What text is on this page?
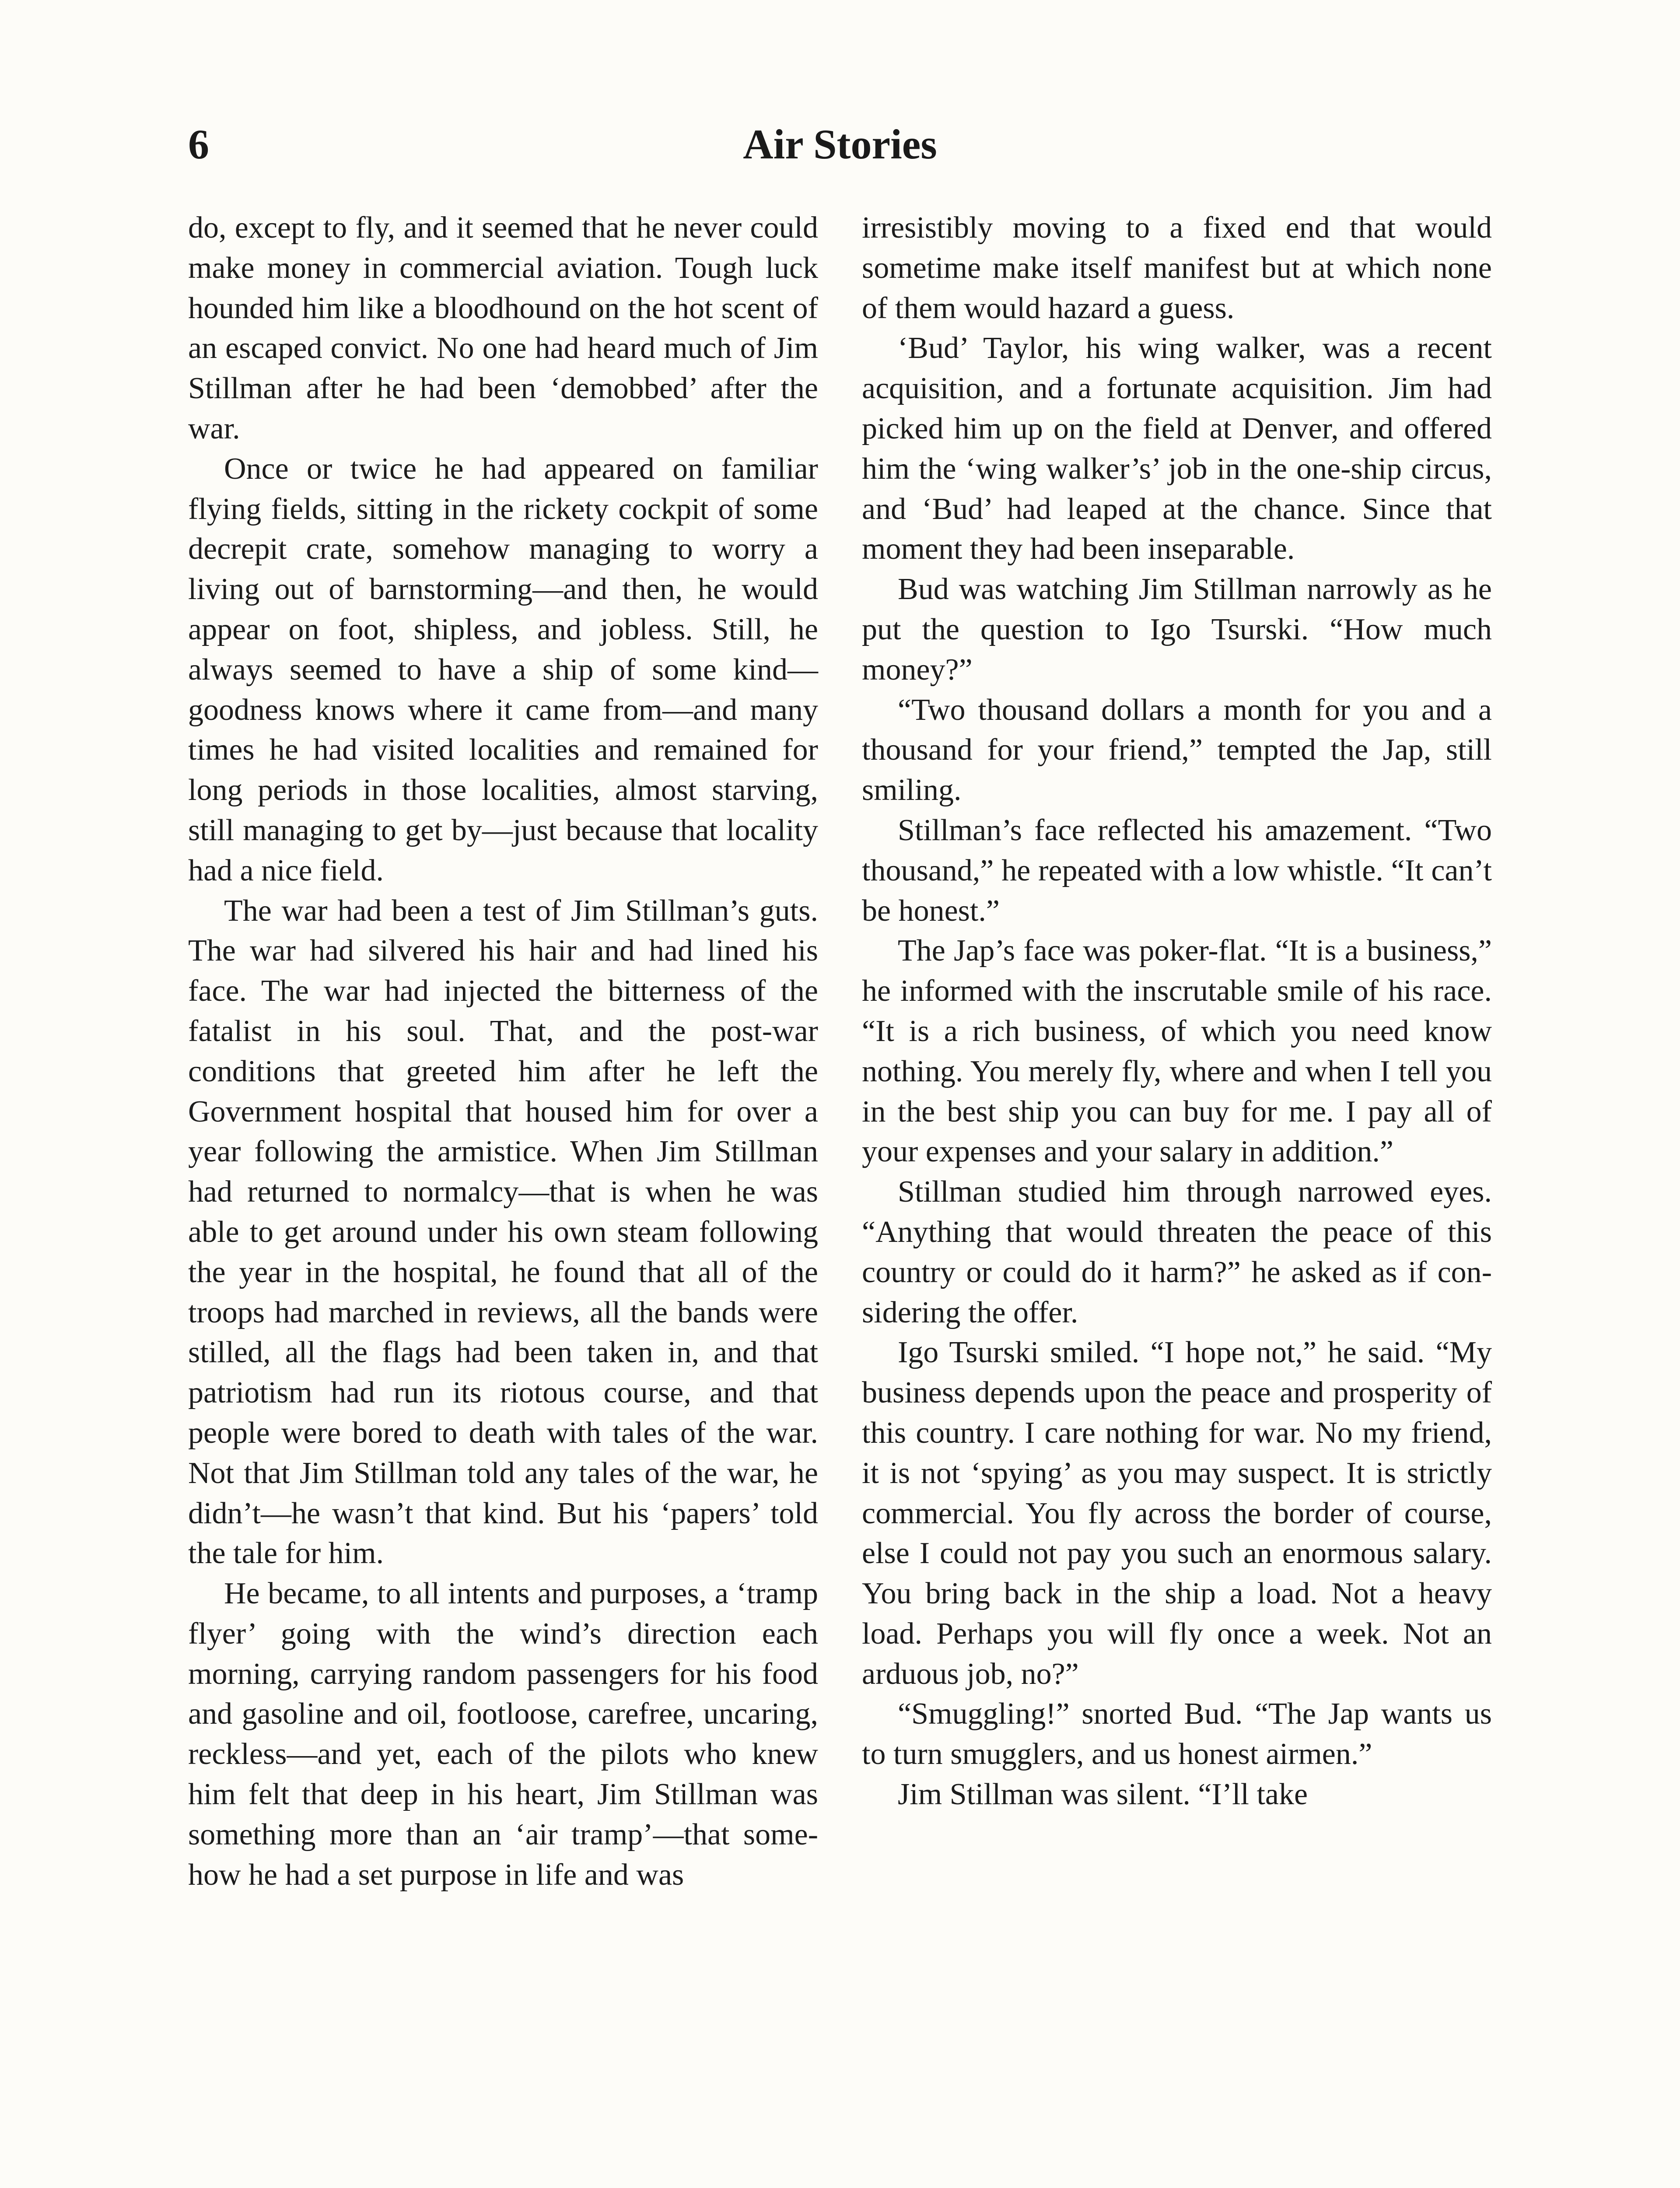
6	Air Stories

do, except to fly, and it seemed that he never could make money in commercial aviation. Tough luck hounded him like a bloodhound on the hot scent of an escaped convict. No one had heard much of Jim Stillman after he had been ‘demobbed’ after the war.

Once or twice he had appeared on familiar flying fields, sitting in the rickety cockpit of some decrepit crate, somehow managing to worry a living out of barnstorming—and then, he would appear on foot, shipless, and jobless. Still, he always seemed to have a ship of some kind—goodness knows where it came from—and many times he had visited localities and remained for long periods in those localities, almost starving, still managing to get by—just because that locality had a nice field.

The war had been a test of Jim Stillman’s guts. The war had silvered his hair and had lined his face. The war had injected the bitterness of the fatalist in his soul. That, and the post-war conditions that greeted him after he left the Government hospital that housed him for over a year following the armistice. When Jim Stillman had returned to normalcy—that is when he was able to get around under his own steam following the year in the hospital, he found that all of the troops had marched in reviews, all the bands were stilled, all the flags had been taken in, and that patriotism had run its riotous course, and that people were bored to death with tales of the war. Not that Jim Stillman told any tales of the war, he didn’t—he wasn’t that kind. But his ‘papers’ told the tale for him.

He became, to all intents and purposes, a ‘tramp flyer’ going with the wind’s direction each morning, carrying random passengers for his food and gasoline and oil, footloose, carefree, uncaring, reckless—and yet, each of the pilots who knew him felt that deep in his heart, Jim Stillman was something more than an ‘air tramp’—that somehow he had a set purpose in life and was

irresistibly moving to a fixed end that would sometime make itself manifest but at which none of them would hazard a guess.

‘Bud’ Taylor, his wing walker, was a recent acquisition, and a fortunate acquisition. Jim had picked him up on the field at Denver, and offered him the ‘wing walker’s’ job in the one-ship circus, and ‘Bud’ had leaped at the chance. Since that moment they had been inseparable.

Bud was watching Jim Stillman narrowly as he put the question to Igo Tsurski. “How much money?”

“Two thousand dollars a month for you and a thousand for your friend,” tempted the Jap, still smiling.

Stillman’s face reflected his amazement. “Two thousand,” he repeated with a low whistle. “It can’t be honest.”

The Jap’s face was poker-flat. “It is a business,” he informed with the inscrutable smile of his race. “It is a rich business, of which you need know nothing. You merely fly, where and when I tell you in the best ship you can buy for me. I pay all of your expenses and your salary in addition.”

Stillman studied him through narrowed eyes. “Anything that would threaten the peace of this country or could do it harm?” he asked as if considering the offer.

Igo Tsurski smiled. “I hope not,” he said. “My business depends upon the peace and prosperity of this country. I care nothing for war. No my friend, it is not ‘spying’ as you may suspect. It is strictly commercial. You fly across the border of course, else I could not pay you such an enormous salary. You bring back in the ship a load. Not a heavy load. Perhaps you will fly once a week. Not an arduous job, no?”

“Smuggling!” snorted Bud. “The Jap wants us to turn smugglers, and us honest airmen.”

Jim Stillman was silent. “I’ll take
